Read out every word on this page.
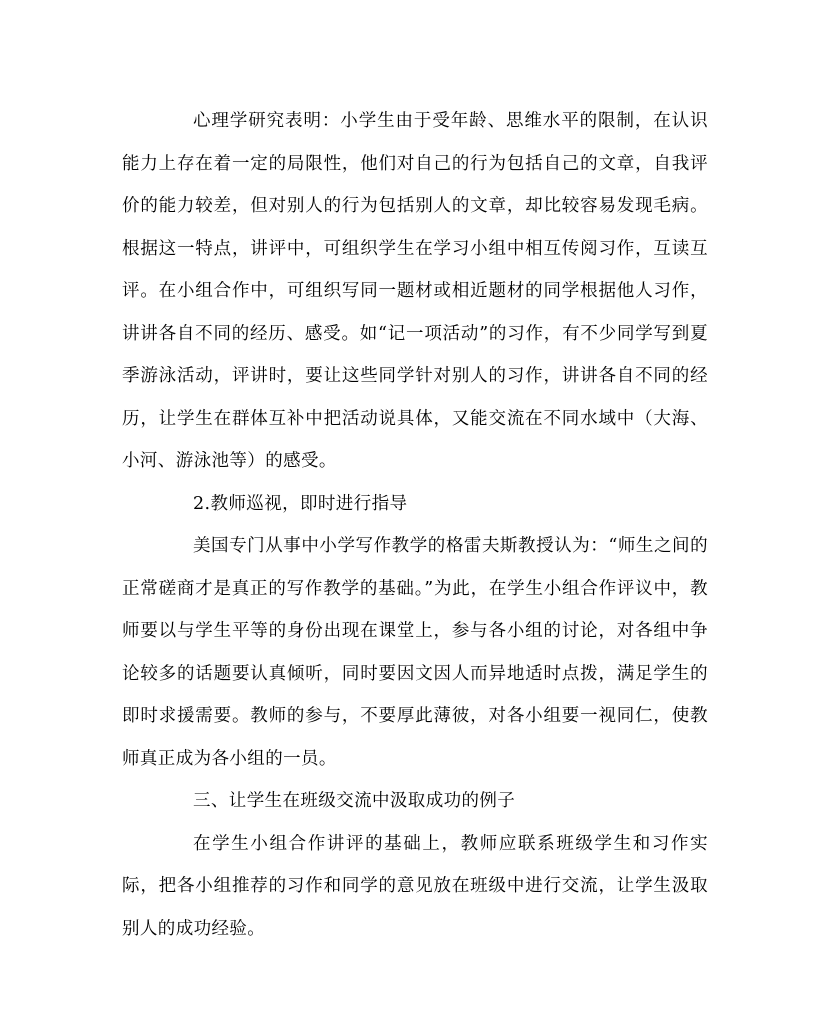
心理学研究表明：小学生由于受年龄、思维水平的限制，在认识能力上存在着一定的局限性，他们对自己的行为包括自己的文章，自我评价的能力较差，但对别人的行为包括别人的文章，却比较容易发现毛病。根据这一特点，讲评中，可组织学生在学习小组中相互传阅习作，互读互评。在小组合作中，可组织写同一题材或相近题材的同学根据他人习作，讲讲各自不同的经历、感受。如“记一项活动”的习作，有不少同学写到夏季游泳活动，评讲时，要让这些同学针对别人的习作，讲讲各自不同的经历，让学生在群体互补中把活动说具体，又能交流在不同水域中（大海、小河、游泳池等）的感受。

2.教师巡视，即时进行指导

美国专门从事中小学写作教学的格雷夫斯教授认为：“师生之间的正常磋商才是真正的写作教学的基础。”为此，在学生小组合作评议中，教师要以与学生平等的身份出现在课堂上，参与各小组的讨论，对各组中争论较多的话题要认真倾听，同时要因文因人而异地适时点拨，满足学生的即时求援需要。教师的参与，不要厚此薄彼，对各小组要一视同仁，使教师真正成为各小组的一员。

三、让学生在班级交流中汲取成功的例子

在学生小组合作讲评的基础上，教师应联系班级学生和习作实际，把各小组推荐的习作和同学的意见放在班级中进行交流，让学生汲取别人的成功经验。
